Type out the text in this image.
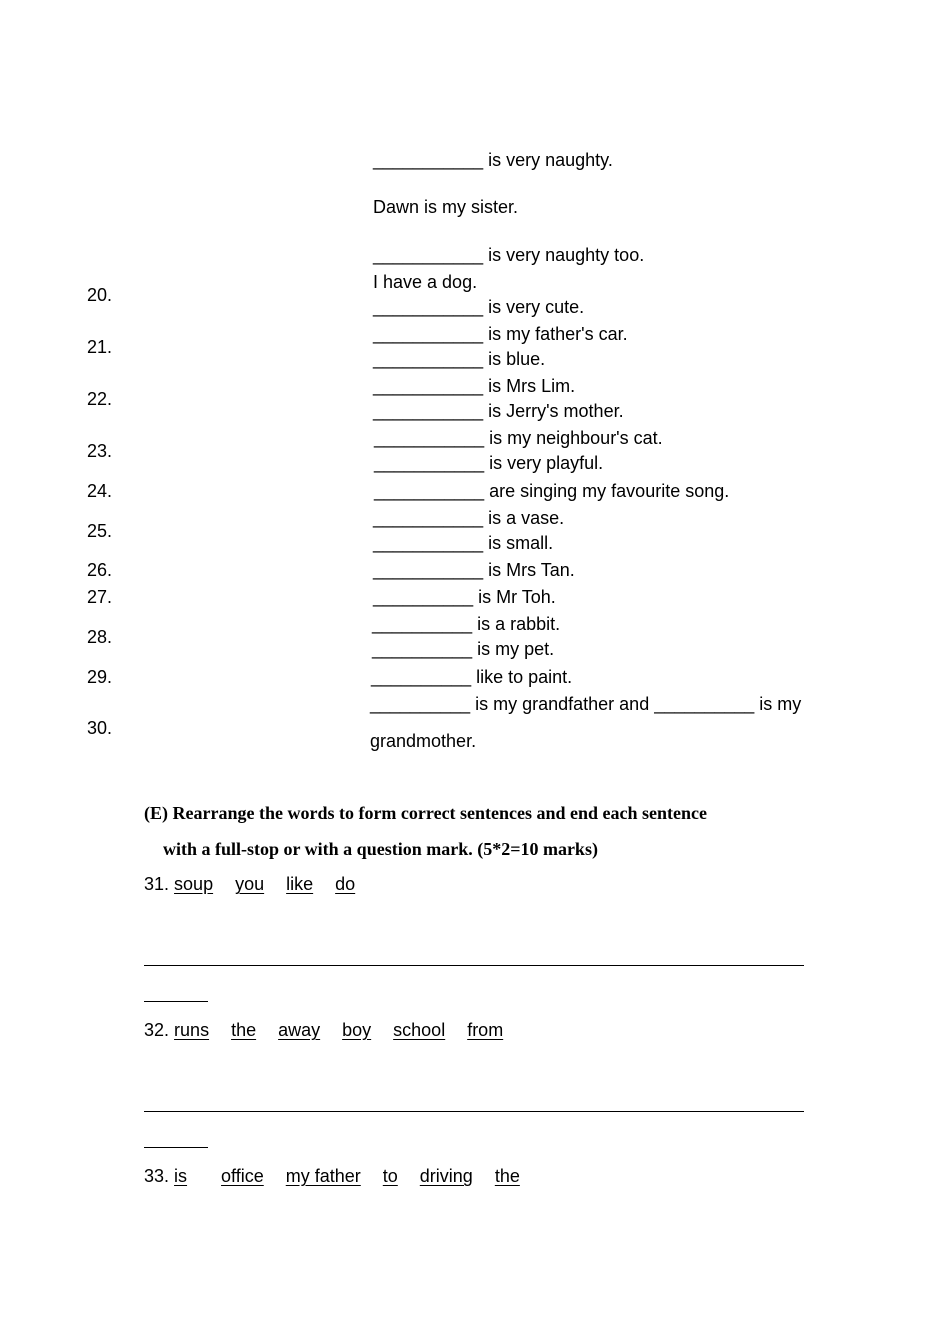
___________ is very naughty.
Dawn is my sister.
___________ is very naughty too.
20.
I have a dog.
___________ is very cute.
21.
___________ is my father's car.
___________ is blue.
22.
___________ is Mrs Lim.
___________ is Jerry's mother.
23.
___________ is my neighbour's cat.
___________ is very playful.
24.	___________ are singing my favourite song.
25.
___________ is a vase.
___________ is small.
26.	___________ is Mrs Tan.
27.	__________ is Mr Toh.
28.
__________ is a rabbit.
__________ is my pet.
29.	__________ like to paint.
30.
__________ is my grandfather and __________ is my
grandmother.
(E) Rearrange the words to form correct sentences and end each sentence
with a full-stop or with a question mark. (5*2=10 marks)
31. soup you like do
32. runs the away boy school from
33. is office my father to driving the
